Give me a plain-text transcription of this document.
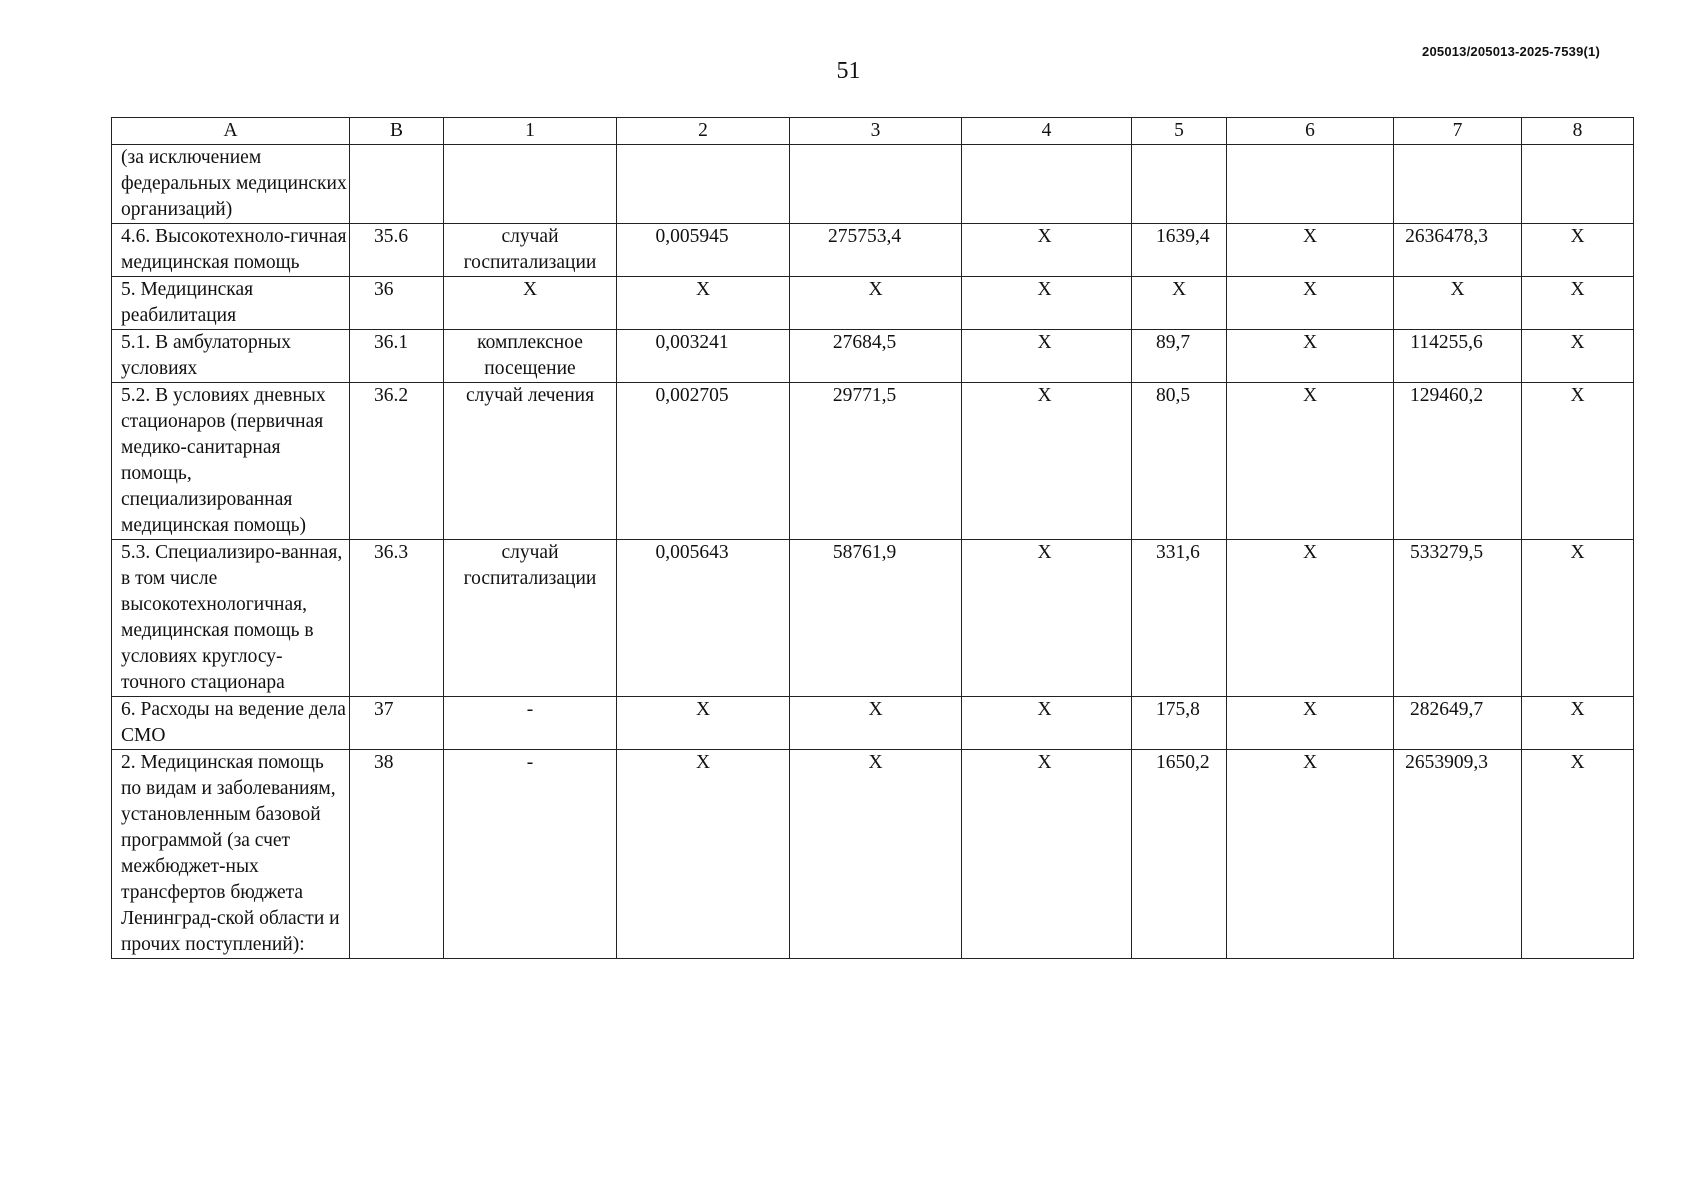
51
205013/205013-2025-7539(1)
А	В	1	2	3	4	5	6	7	8
(за исключением федеральных медицинских организаций)									
4.6. Высокотехноло-гичная медицинская помощь	35.6	случай госпитализации	0,005945	275753,4	Х	1639,4	Х	2636478,3	Х
5. Медицинская реабилитация	36	Х	Х	Х	Х	Х	Х	Х	Х
5.1. В амбулаторных условиях	36.1	комплексное посещение	0,003241	27684,5	Х	89,7	Х	114255,6	Х
5.2. В условиях дневных стационаров (первичная медико-санитарная помощь, специализированная медицинская помощь)	36.2	случай лечения	0,002705	29771,5	Х	80,5	Х	129460,2	Х
5.3. Специализиро-ванная, в том числе высокотехнологичная, медицинская помощь в условиях круглосу-точного стационара	36.3	случай госпитализации	0,005643	58761,9	Х	331,6	Х	533279,5	Х
6. Расходы на ведение дела СМО	37	-	Х	Х	Х	175,8	Х	282649,7	Х
2. Медицинская помощь по видам и заболеваниям, установленным базовой программой (за счет межбюджет-ных трансфертов бюджета Ленинград-ской области и прочих поступлений):	38	-	Х	Х	Х	1650,2	Х	2653909,3	Х
